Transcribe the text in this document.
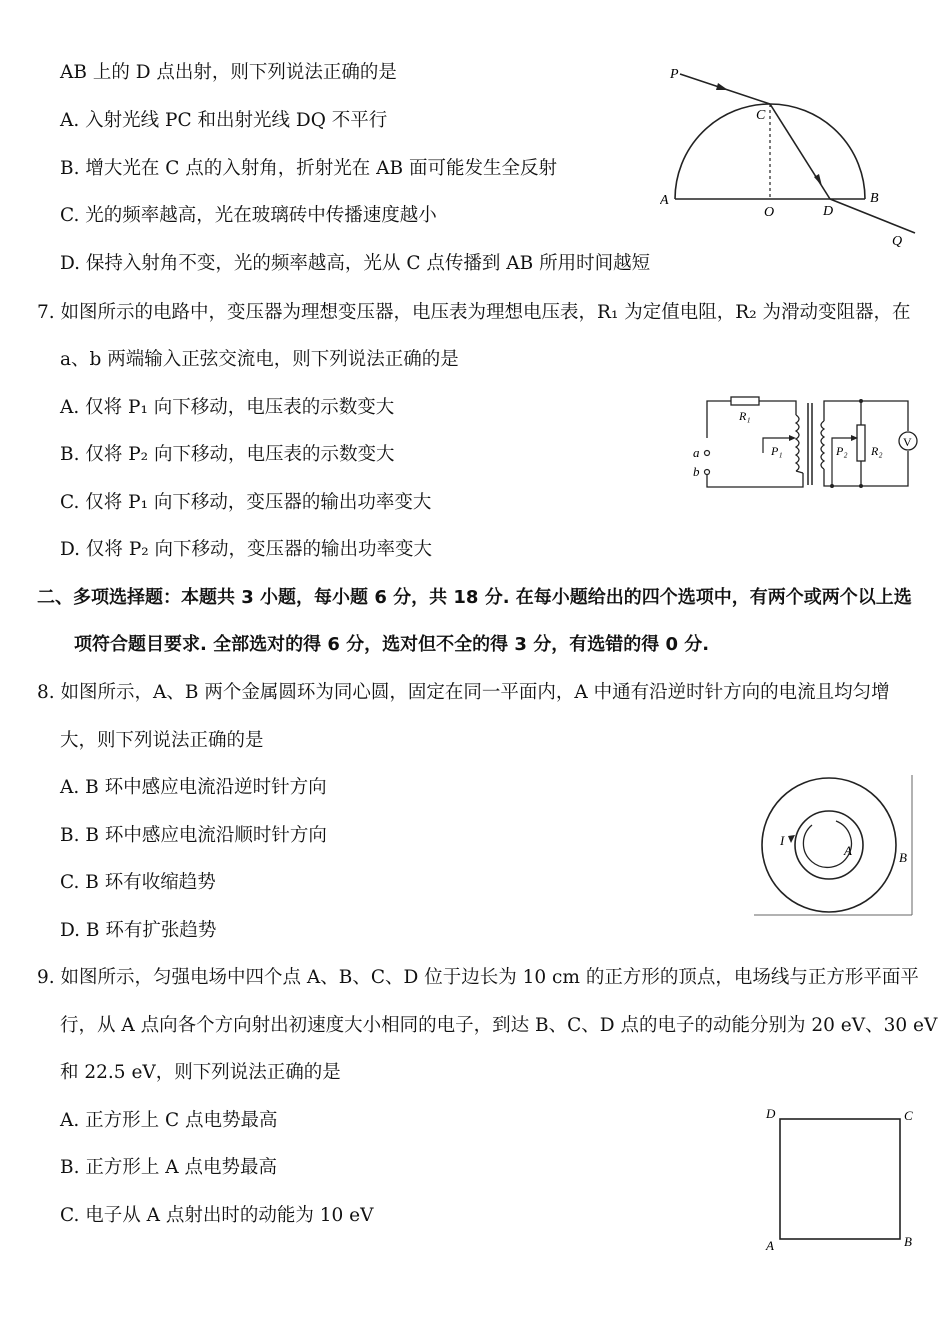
AB 上的 D 点出射，则下列说法正确的是
A. 入射光线 PC 和出射光线 DQ 不平行
B. 增大光在 C 点的入射角，折射光在 AB 面可能发生全反射
C. 光的频率越高，光在玻璃砖中传播速度越小
D. 保持入射角不变，光的频率越高，光从 C 点传播到 AB 所用时间越短
P
C
A
O	D
B
Q
7. 如图所示的电路中，变压器为理想变压器，电压表为理想电压表，R₁ 为定值电阻，R₂ 为滑动变阻器，在
a、b 两端输入正弦交流电，则下列说法正确的是
A. 仅将 P₁ 向下移动，电压表的示数变大
B. 仅将 P₂ 向下移动，电压表的示数变大
C. 仅将 P₁ 向下移动，变压器的输出功率变大
D. 仅将 P₂ 向下移动，变压器的输出功率变大
V
R₁
a
b
P₁	P₂ R₂
二、多项选择题：本题共 3 小题，每小题 6 分，共 18 分. 在每小题给出的四个选项中，有两个或两个以上选
项符合题目要求. 全部选对的得 6 分，选对但不全的得 3 分，有选错的得 0 分.
8. 如图所示，A、B 两个金属圆环为同心圆，固定在同一平面内，A 中通有沿逆时针方向的电流且均匀增
大，则下列说法正确的是
A. B 环中感应电流沿逆时针方向
B. B 环中感应电流沿顺时针方向
C. B 环有收缩趋势
D. B 环有扩张趋势
I
A	B
9. 如图所示，匀强电场中四个点 A、B、C、D 位于边长为 10 cm 的正方形的顶点，电场线与正方形平面平
行，从 A 点向各个方向射出初速度大小相同的电子，到达 B、C、D 点的电子的动能分别为 20 eV、30 eV
和 22.5 eV，则下列说法正确的是
A. 正方形上 C 点电势最高
B. 正方形上 A 点电势最高
C. 电子从 A 点射出时的动能为 10 eV
D	C
A	B
